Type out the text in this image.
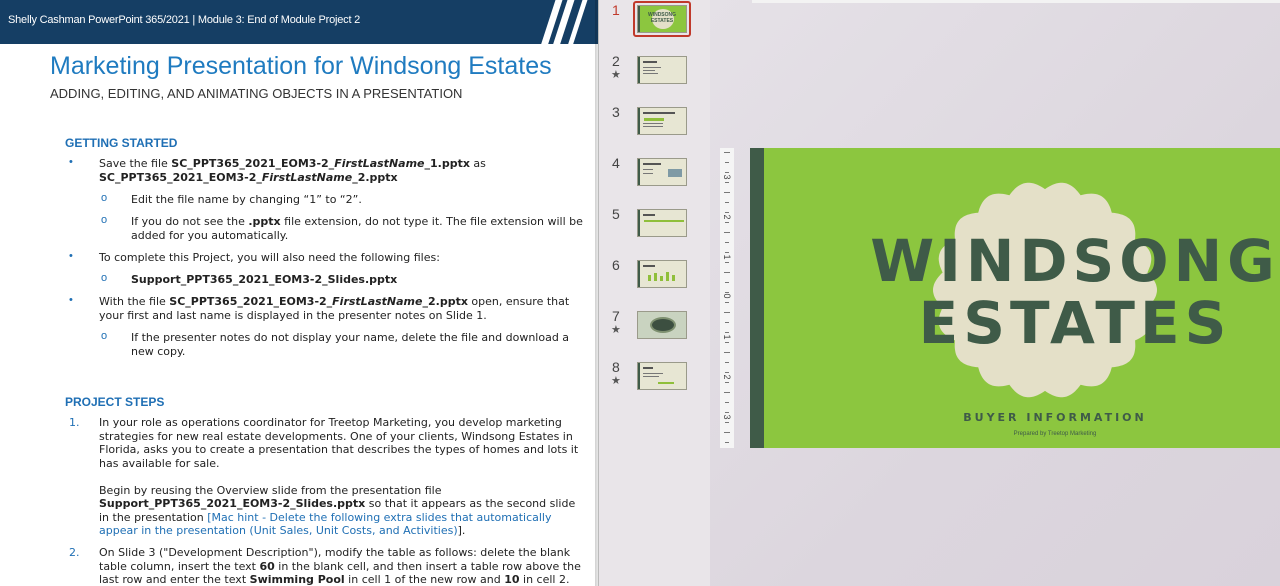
Shelly Cashman PowerPoint 365/2021 | Module 3: End of Module Project 2
Marketing Presentation for Windsong Estates
ADDING, EDITING, AND ANIMATING OBJECTS IN A PRESENTATION
GETTING STARTED
• Save the file SC_PPT365_2021_EOM3-2_FirstLastName_1.pptx as
SC_PPT365_2021_EOM3-2_FirstLastName_2.pptx
o Edit the file name by changing “1” to “2”.
o If you do not see the .pptx file extension, do not type it. The file extension will be
added for you automatically.
• To complete this Project, you will also need the following files:
o Support_PPT365_2021_EOM3-2_Slides.pptx
• With the file SC_PPT365_2021_EOM3-2_FirstLastName_2.pptx open, ensure that
your first and last name is displayed in the presenter notes on Slide 1.
o If the presenter notes do not display your name, delete the file and download a
new copy.
PROJECT STEPS
1. In your role as operations coordinator for Treetop Marketing, you develop marketing
strategies for new real estate developments. One of your clients, Windsong Estates in
Florida, asks you to create a presentation that describes the types of homes and lots it
has available for sale.

Begin by reusing the Overview slide from the presentation file
Support_PPT365_2021_EOM3-2_Slides.pptx so that it appears as the second slide
in the presentation [Mac hint - Delete the following extra slides that automatically
appear in the presentation (Unit Sales, Unit Costs, and Activities)].
2. On Slide 3 ("Development Description"), modify the table as follows: delete the blank
table column, insert the text 60 in the blank cell, and then insert a table row above the
last row and enter the text Swimming Pool in cell 1 of the new row and 10 in cell 2.
1	WINDSONG ESTATES
2
★
3
4
5
6
7
★
8
★
3
2
1
0
1
2
3
WINDSONG
ESTATES
BUYER INFORMATION
Prepared by Treetop Marketing
